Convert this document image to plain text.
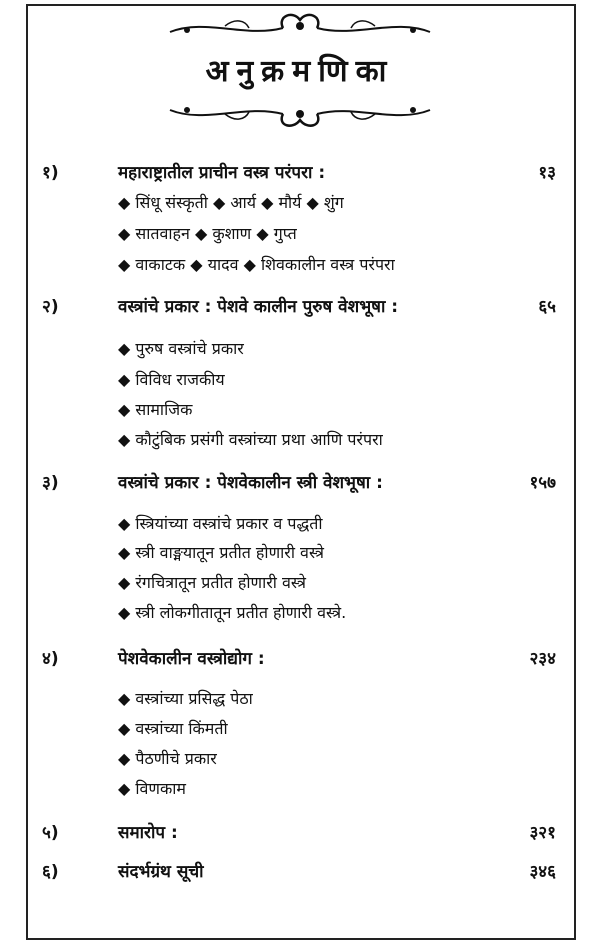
अनुक्रमणिका
१)	महाराष्ट्रातील प्राचीन वस्त्र परंपरा :	१३
◆ सिंधू संस्कृती ◆ आर्य ◆ मौर्य ◆ शुंग
◆ सातवाहन ◆ कुशाण ◆ गुप्त
◆ वाकाटक ◆ यादव ◆ शिवकालीन वस्त्र परंपरा
२)	वस्त्रांचे प्रकार : पेशवे कालीन पुरुष वेशभूषा :	६५
◆ पुरुष वस्त्रांचे प्रकार
◆ विविध राजकीय
◆ सामाजिक
◆ कौटुंबिक प्रसंगी वस्त्रांच्या प्रथा आणि परंपरा
३)	वस्त्रांचे प्रकार : पेशवेकालीन स्त्री वेशभूषा :	१५७
◆ स्त्रियांच्या वस्त्रांचे प्रकार व पद्धती
◆ स्त्री वाङ्मयातून प्रतीत होणारी वस्त्रे
◆ रंगचित्रातून प्रतीत होणारी वस्त्रे
◆ स्त्री लोकगीतातून प्रतीत होणारी वस्त्रे.
४)	पेशवेकालीन वस्त्रोद्योग :	२३४
◆ वस्त्रांच्या प्रसिद्ध पेठा
◆ वस्त्रांच्या किंमती
◆ पैठणीचे प्रकार
◆ विणकाम
५)	समारोप :	३२१
६)	संदर्भग्रंथ सूची	३४६
